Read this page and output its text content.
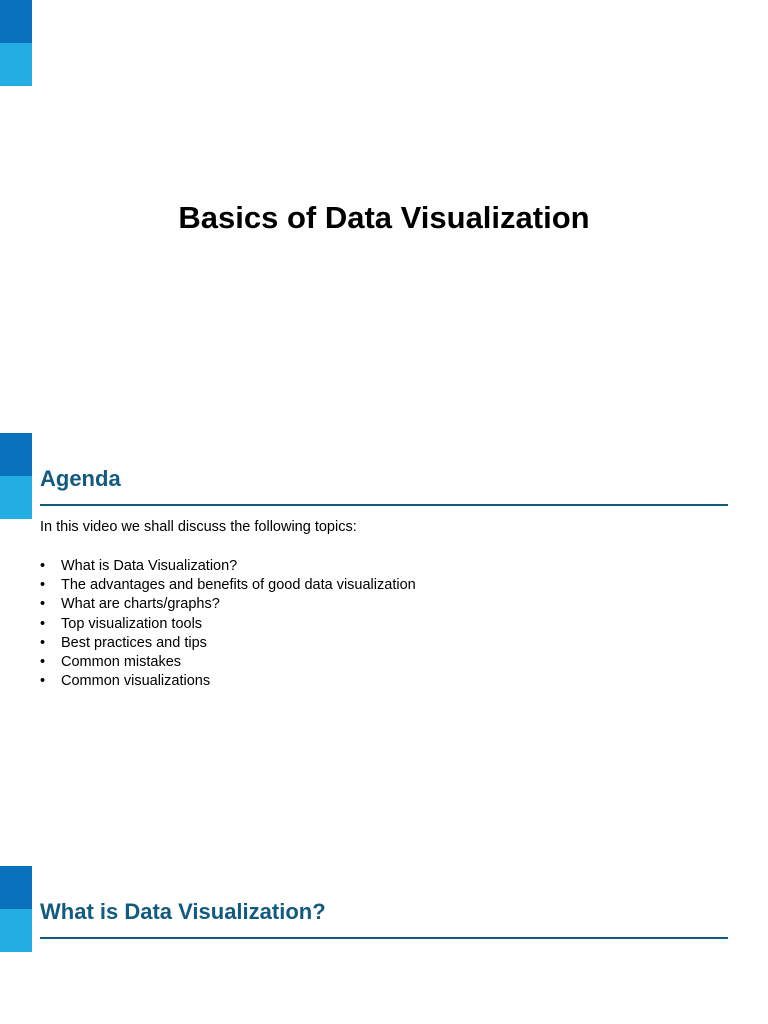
Basics of Data Visualization
Agenda

In this video we shall discuss the following topics:

• What is Data Visualization?
• The advantages and benefits of good data visualization
• What are charts/graphs?
• Top visualization tools
• Best practices and tips
• Common mistakes
• Common visualizations
What is Data Visualization?
